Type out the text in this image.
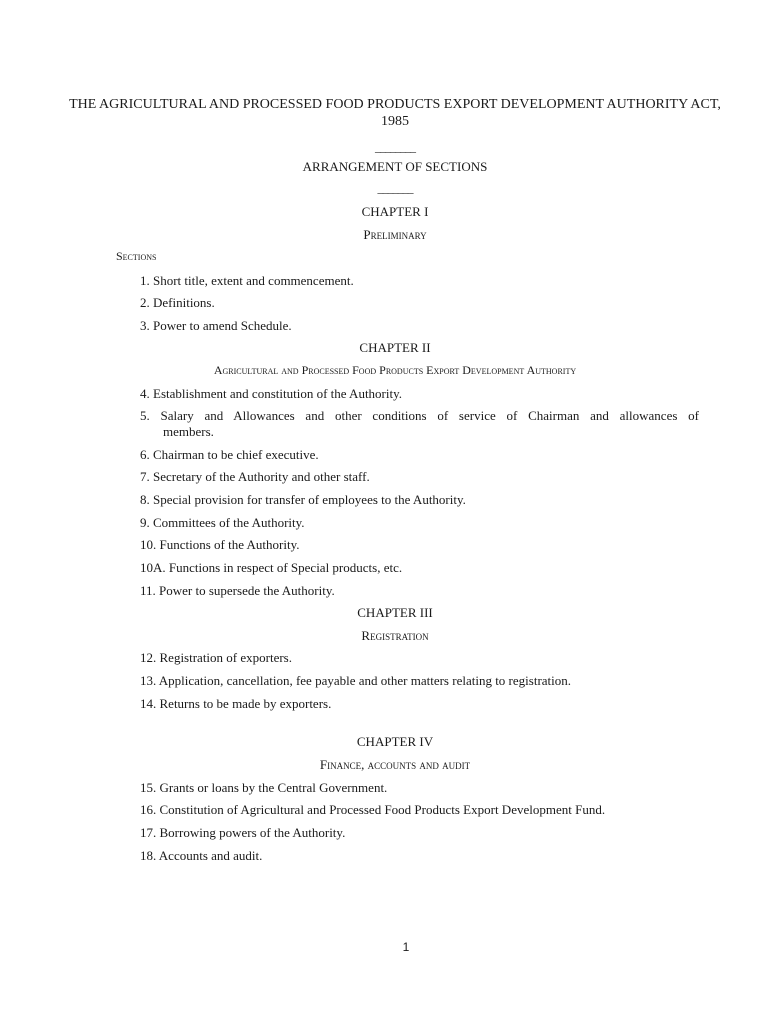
THE AGRICULTURAL AND PROCESSED FOOD PRODUCTS EXPORT DEVELOPMENT AUTHORITY ACT, 1985
________
ARRANGEMENT OF SECTIONS
_______
CHAPTER I
Preliminary
Sections

1. Short title, extent and commencement.

2. Definitions.

3. Power to amend Schedule.

CHAPTER II
Agricultural and Processed Food Products Export Development Authority

4. Establishment and constitution of the Authority.

5. Salary and Allowances and other conditions of service of Chairman and allowances of
members.

6. Chairman to be chief executive.

7. Secretary of the Authority and other staff.

8. Special provision for transfer of employees to the Authority.

9. Committees of the Authority.

10. Functions of the Authority.

10A. Functions in respect of Special products, etc.

11. Power to supersede the Authority.

CHAPTER III
Registration

12. Registration of exporters.

13. Application, cancellation, fee payable and other matters relating to registration.

14. Returns to be made by exporters.

CHAPTER IV
Finance, accounts and audit

15. Grants or loans by the Central Government.

16. Constitution of Agricultural and Processed Food Products Export Development Fund.

17. Borrowing powers of the Authority.

18. Accounts and audit.

1
